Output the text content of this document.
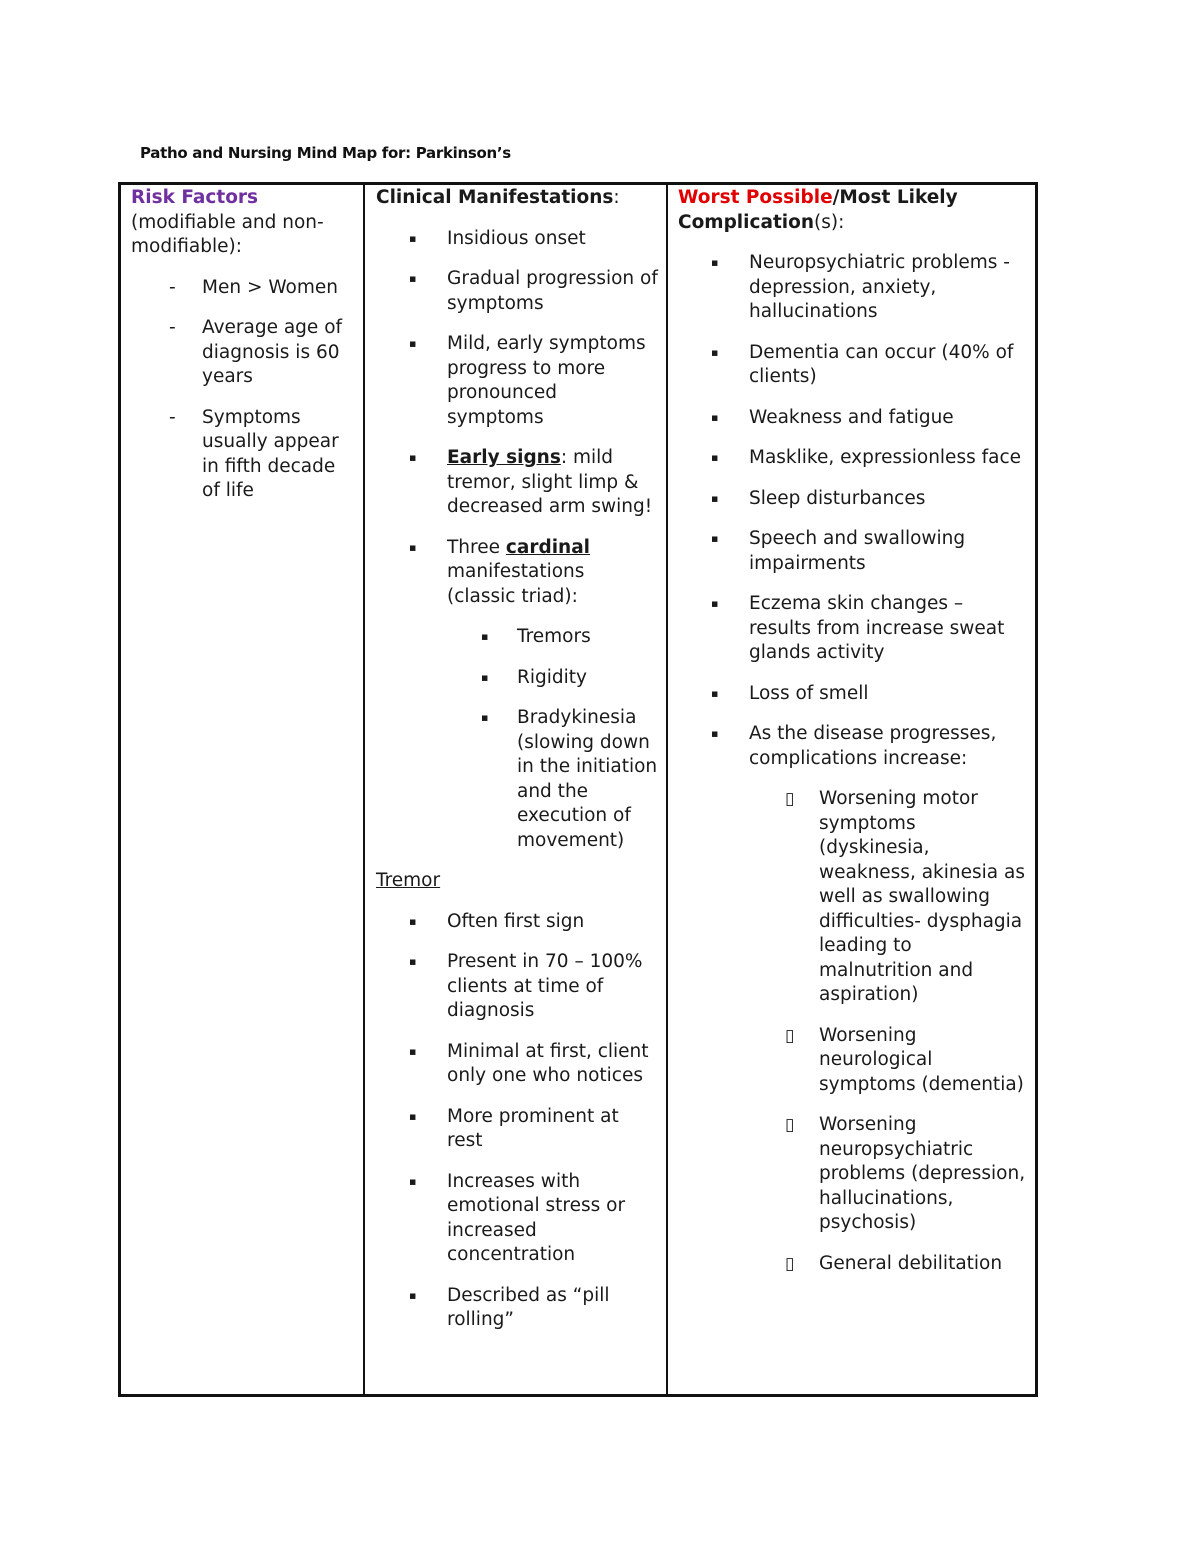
Patho and Nursing Mind Map for: Parkinson’s
Risk Factors
(modifiable and non-modifiable):
- Men > Women
- Average age of diagnosis is 60 years
- Symptoms usually appear in fifth decade of life
Clinical Manifestations:
▪ Insidious onset
▪ Gradual progression of symptoms
▪ Mild, early symptoms progress to more pronounced symptoms
▪ Early signs: mild tremor, slight limp & decreased arm swing!
▪ Three cardinal manifestations (classic triad):
▪ Tremors
▪ Rigidity
▪ Bradykinesia (slowing down in the initiation and the execution of movement)
Tremor
▪ Often first sign
▪ Present in 70 – 100% clients at time of diagnosis
▪ Minimal at first, client only one who notices
▪ More prominent at rest
▪ Increases with emotional stress or increased concentration
▪ Described as “pill rolling”
Worst Possible/Most Likely
Complication(s):
▪ Neuropsychiatric problems - depression, anxiety, hallucinations
▪ Dementia can occur (40% of clients)
▪ Weakness and fatigue
▪ Masklike, expressionless face
▪ Sleep disturbances
▪ Speech and swallowing impairments
▪ Eczema skin changes – results from increase sweat glands activity
▪ Loss of smell
▪ As the disease progresses, complications increase:
▯ Worsening motor symptoms (dyskinesia, weakness, akinesia as well as swallowing difficulties- dysphagia leading to malnutrition and aspiration)
▯ Worsening neurological symptoms (dementia)
▯ Worsening neuropsychiatric problems (depression, hallucinations, psychosis)
▯ General debilitation
